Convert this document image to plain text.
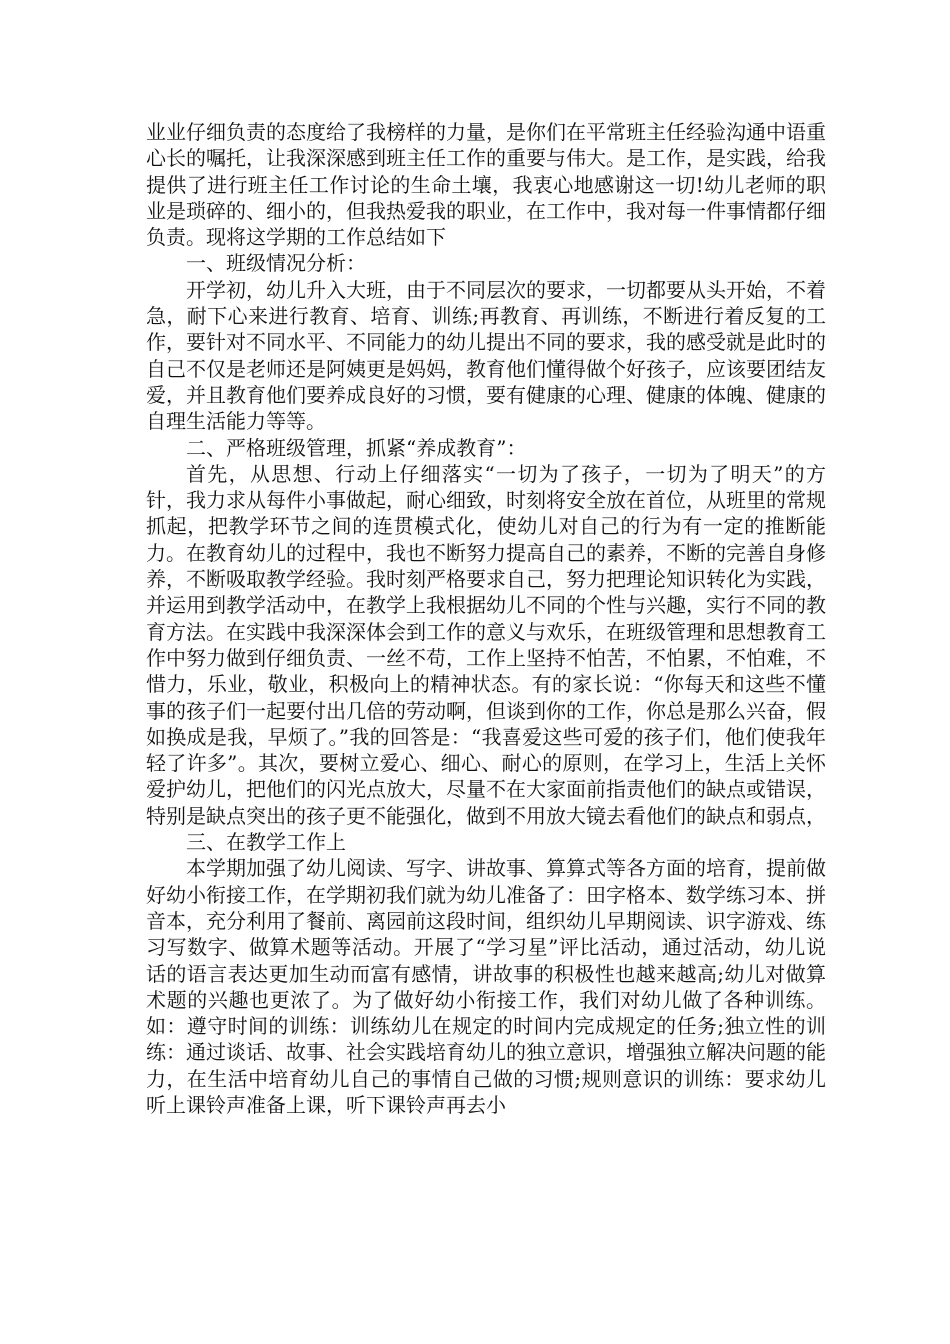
业业仔细负责的态度给了我榜样的力量，是你们在平常班主任经验沟通中语重心长的嘱托，让我深深感到班主任工作的重要与伟大。是工作，是实践，给我提供了进行班主任工作讨论的生命土壤，我衷心地感谢这一切!幼儿老师的职业是琐碎的、细小的，但我热爱我的职业，在工作中，我对每一件事情都仔细负责。现将这学期的工作总结如下

一、班级情况分析：

开学初，幼儿升入大班，由于不同层次的要求，一切都要从头开始，不着急，耐下心来进行教育、培育、训练;再教育、再训练，不断进行着反复的工作，要针对不同水平、不同能力的幼儿提出不同的要求，我的感受就是此时的自己不仅是老师还是阿姨更是妈妈，教育他们懂得做个好孩子，应该要团结友爱，并且教育他们要养成良好的习惯，要有健康的心理、健康的体魄、健康的自理生活能力等等。

二、严格班级管理，抓紧“养成教育”：

首先，从思想、行动上仔细落实“一切为了孩子，一切为了明天”的方针，我力求从每件小事做起，耐心细致，时刻将安全放在首位，从班里的常规抓起，把教学环节之间的连贯模式化，使幼儿对自己的行为有一定的推断能力。在教育幼儿的过程中，我也不断努力提高自己的素养，不断的完善自身修养，不断吸取教学经验。我时刻严格要求自己，努力把理论知识转化为实践，并运用到教学活动中，在教学上我根据幼儿不同的个性与兴趣，实行不同的教育方法。在实践中我深深体会到工作的意义与欢乐，在班级管理和思想教育工作中努力做到仔细负责、一丝不苟，工作上坚持不怕苦，不怕累，不怕难，不惜力，乐业，敬业，积极向上的精神状态。有的家长说：“你每天和这些不懂事的孩子们一起要付出几倍的劳动啊，但谈到你的工作，你总是那么兴奋，假如换成是我，早烦了。”我的回答是：“我喜爱这些可爱的孩子们，他们使我年轻了许多”。其次，要树立爱心、细心、耐心的原则，在学习上，生活上关怀爱护幼儿，把他们的闪光点放大，尽量不在大家面前指责他们的缺点或错误，特别是缺点突出的孩子更不能强化，做到不用放大镜去看他们的缺点和弱点，

三、在教学工作上

本学期加强了幼儿阅读、写字、讲故事、算算式等各方面的培育，提前做好幼小衔接工作，在学期初我们就为幼儿准备了：田字格本、数学练习本、拼音本，充分利用了餐前、离园前这段时间，组织幼儿早期阅读、识字游戏、练习写数字、做算术题等活动。开展了“学习星”评比活动，通过活动，幼儿说话的语言表达更加生动而富有感情，讲故事的积极性也越来越高;幼儿对做算术题的兴趣也更浓了。为了做好幼小衔接工作，我们对幼儿做了各种训练。如：遵守时间的训练：训练幼儿在规定的时间内完成规定的任务;独立性的训练：通过谈话、故事、社会实践培育幼儿的独立意识，增强独立解决问题的能力，在生活中培育幼儿自己的事情自己做的习惯;规则意识的训练：要求幼儿听上课铃声准备上课，听下课铃声再去小
